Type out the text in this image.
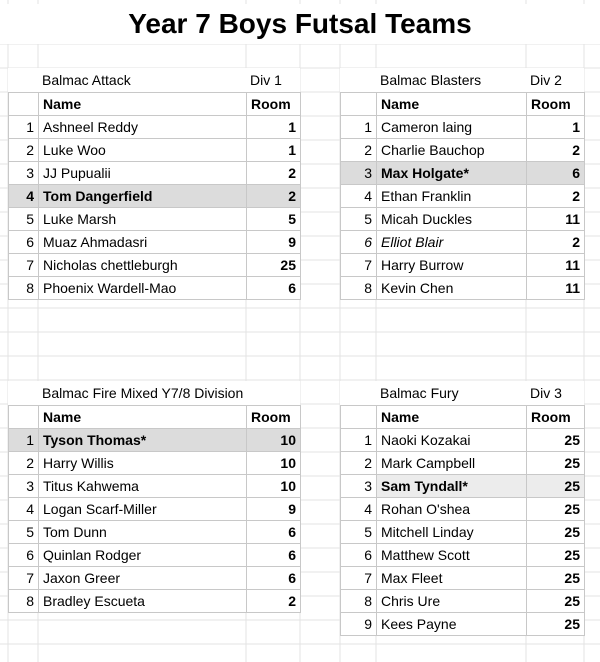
Year 7 Boys Futsal Teams
Balmac Attack	Div 1
	Name	Room
1	Ashneel Reddy	1
2	Luke Woo	1
3	JJ Pupualii	2
4	Tom Dangerfield	2
5	Luke Marsh	5
6	Muaz Ahmadasri	9
7	Nicholas chettleburgh	25
8	Phoenix Wardell-Mao	6
Balmac Blasters	Div 2
	Name	Room
1	Cameron laing	1
2	Charlie Bauchop	2
3	Max Holgate*	6
4	Ethan Franklin	2
5	Micah Duckles	11
6	Elliot Blair	2
7	Harry Burrow	11
8	Kevin Chen	11
Balmac Fire Mixed Y7/8 Division
	Name	Room
1	Tyson Thomas*	10
2	Harry Willis	10
3	Titus Kahwema	10
4	Logan Scarf-Miller	9
5	Tom Dunn	6
6	Quinlan Rodger	6
7	Jaxon Greer	6
8	Bradley Escueta	2
Balmac Fury	Div 3
	Name	Room
1	Naoki Kozakai	25
2	Mark Campbell	25
3	Sam Tyndall*	25
4	Rohan O'shea	25
5	Mitchell Linday	25
6	Matthew Scott	25
7	Max Fleet	25
8	Chris Ure	25
9	Kees Payne	25
